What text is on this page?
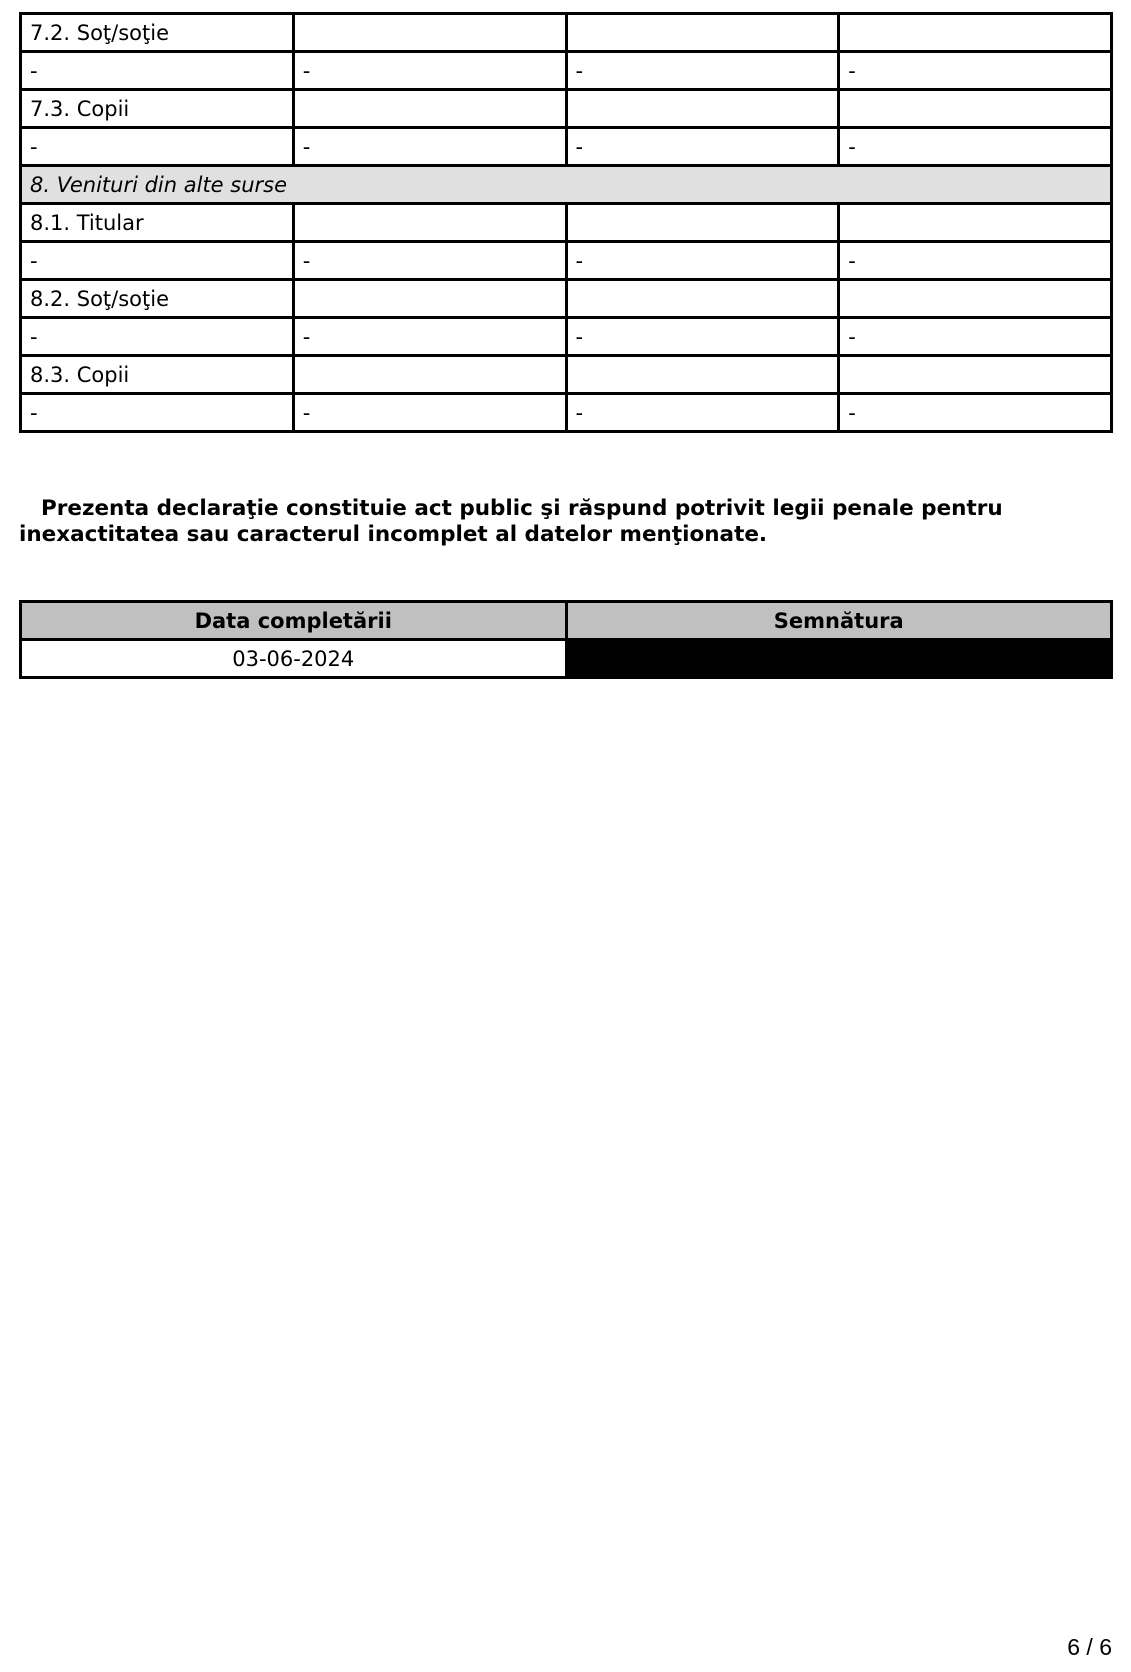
7.2. Soţ/soţie			
-	-	-	-
7.3. Copii			
-	-	-	-
8. Venituri din alte surse			
8.1. Titular			
-	-	-	-
8.2. Soţ/soţie			
-	-	-	-
8.3. Copii			
-	-	-	-

Prezenta declaraţie constituie act public şi răspund potrivit legii penale pentru inexactitatea sau caracterul incomplet al datelor menţionate.

Data completării	Semnătura
03-06-2024	
6 / 6
